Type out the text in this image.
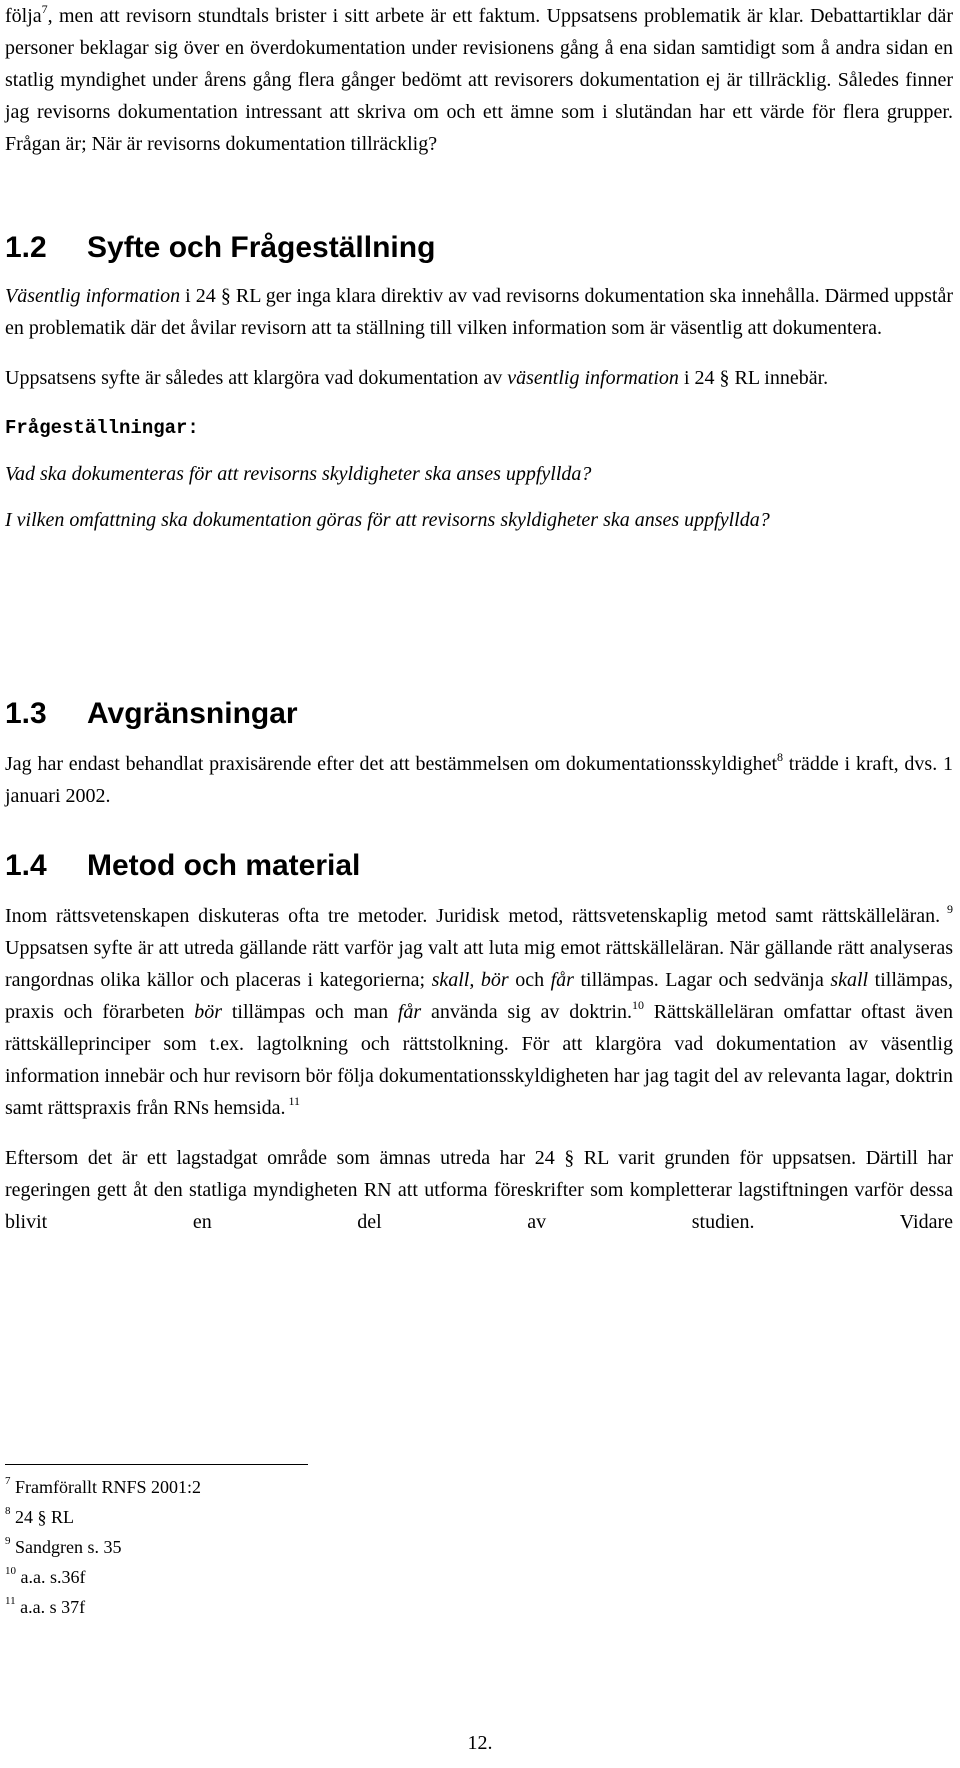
följa$^7$, men att revisorn stundtals brister i sitt arbete är ett faktum. Uppsatsens problematik är klar. Debattartiklar där personer beklagar sig över en överdokumentation under revisionens gång å ena sidan samtidigt som å andra sidan en statlig myndighet under årens gång flera gånger bedömt att revisorers dokumentation ej är tillräcklig. Således finner jag revisorns dokumentation intressant att skriva om och ett ämne som i slutändan har ett värde för flera grupper. Frågan är; När är revisorns dokumentation tillräcklig?

1.2 Syfte och Frågeställning

Väsentlig information i 24 § RL ger inga klara direktiv av vad revisorns dokumentation ska innehålla. Därmed uppstår en problematik där det åvilar revisorn att ta ställning till vilken information som är väsentlig att dokumentera.

Uppsatsens syfte är således att klargöra vad dokumentation av väsentlig information i 24 § RL innebär.

Frågeställningar:

Vad ska dokumenteras för att revisorns skyldigheter ska anses uppfyllda?

I vilken omfattning ska dokumentation göras för att revisorns skyldigheter ska anses uppfyllda?

1.3 Avgränsningar

Jag har endast behandlat praxisärende efter det att bestämmelsen om dokumentationsskyldighet$^8$ trädde i kraft, dvs. 1 januari 2002.

1.4 Metod och material

Inom rättsvetenskapen diskuteras ofta tre metoder. Juridisk metod, rättsvetenskaplig metod samt rättskälleläran. $^9$ Uppsatsen syfte är att utreda gällande rätt varför jag valt att luta mig emot rättskälleläran. När gällande rätt analyseras rangordnas olika källor och placeras i kategorierna; skall, bör och får tillämpas. Lagar och sedvänja skall tillämpas, praxis och förarbeten bör tillämpas och man får använda sig av doktrin.$^{10}$ Rättskälleläran omfattar oftast även rättskälleprinciper som t.ex. lagtolkning och rättstolkning. För att klargöra vad dokumentation av väsentlig information innebär och hur revisorn bör följa dokumentationsskyldigheten har jag tagit del av relevanta lagar, doktrin samt rättspraxis från RNs hemsida. $^{11}$

Eftersom det är ett lagstadgat område som ämnas utreda har 24 § RL varit grunden för uppsatsen. Därtill har regeringen gett åt den statliga myndigheten RN att utforma föreskrifter som kompletterar lagstiftningen varför dessa blivit en del av studien. Vidare

$^7$ Framförallt RNFS 2001:2

$^8$ 24 § RL

$^9$ Sandgren s. 35

$^{10}$ a.a. s.36f

$^{11}$ a.a. s 37f

12.
